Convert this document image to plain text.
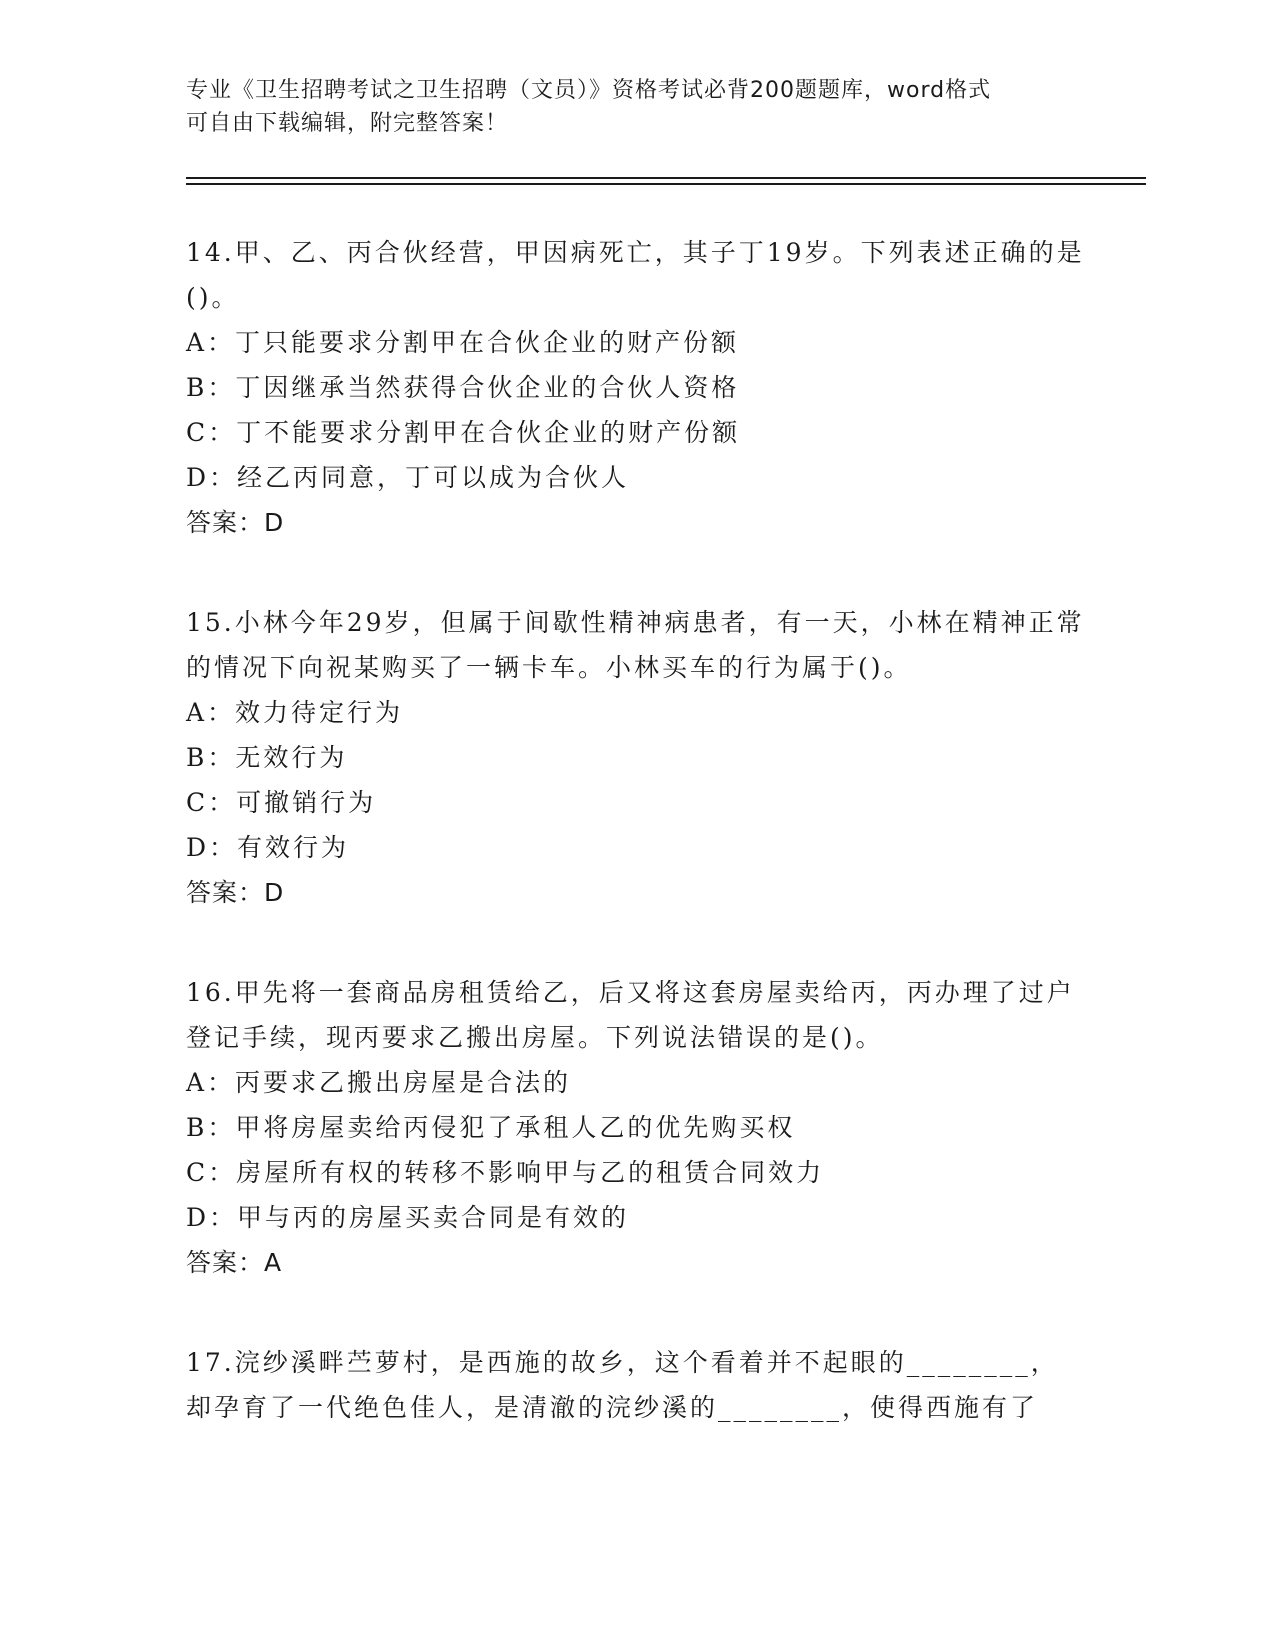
专业《卫生招聘考试之卫生招聘（文员）》资格考试必背200题题库，word格式
可自由下载编辑，附完整答案！

14.甲、乙、丙合伙经营，甲因病死亡，其子丁19岁。下列表述正确的是()。

A：丁只能要求分割甲在合伙企业的财产份额

B：丁因继承当然获得合伙企业的合伙人资格

C：丁不能要求分割甲在合伙企业的财产份额

D：经乙丙同意，丁可以成为合伙人

答案：D

15.小林今年29岁，但属于间歇性精神病患者，有一天，小林在精神正常的情况下向祝某购买了一辆卡车。小林买车的行为属于()。

A：效力待定行为

B：无效行为

C：可撤销行为

D：有效行为

答案：D

16.甲先将一套商品房租赁给乙，后又将这套房屋卖给丙，丙办理了过户登记手续，现丙要求乙搬出房屋。下列说法错误的是()。

A：丙要求乙搬出房屋是合法的

B：甲将房屋卖给丙侵犯了承租人乙的优先购买权

C：房屋所有权的转移不影响甲与乙的租赁合同效力

D：甲与丙的房屋买卖合同是有效的

答案：A

17.浣纱溪畔苎萝村，是西施的故乡，这个看着并不起眼的________，却孕育了一代绝色佳人，是清澈的浣纱溪的________，使得西施有了
